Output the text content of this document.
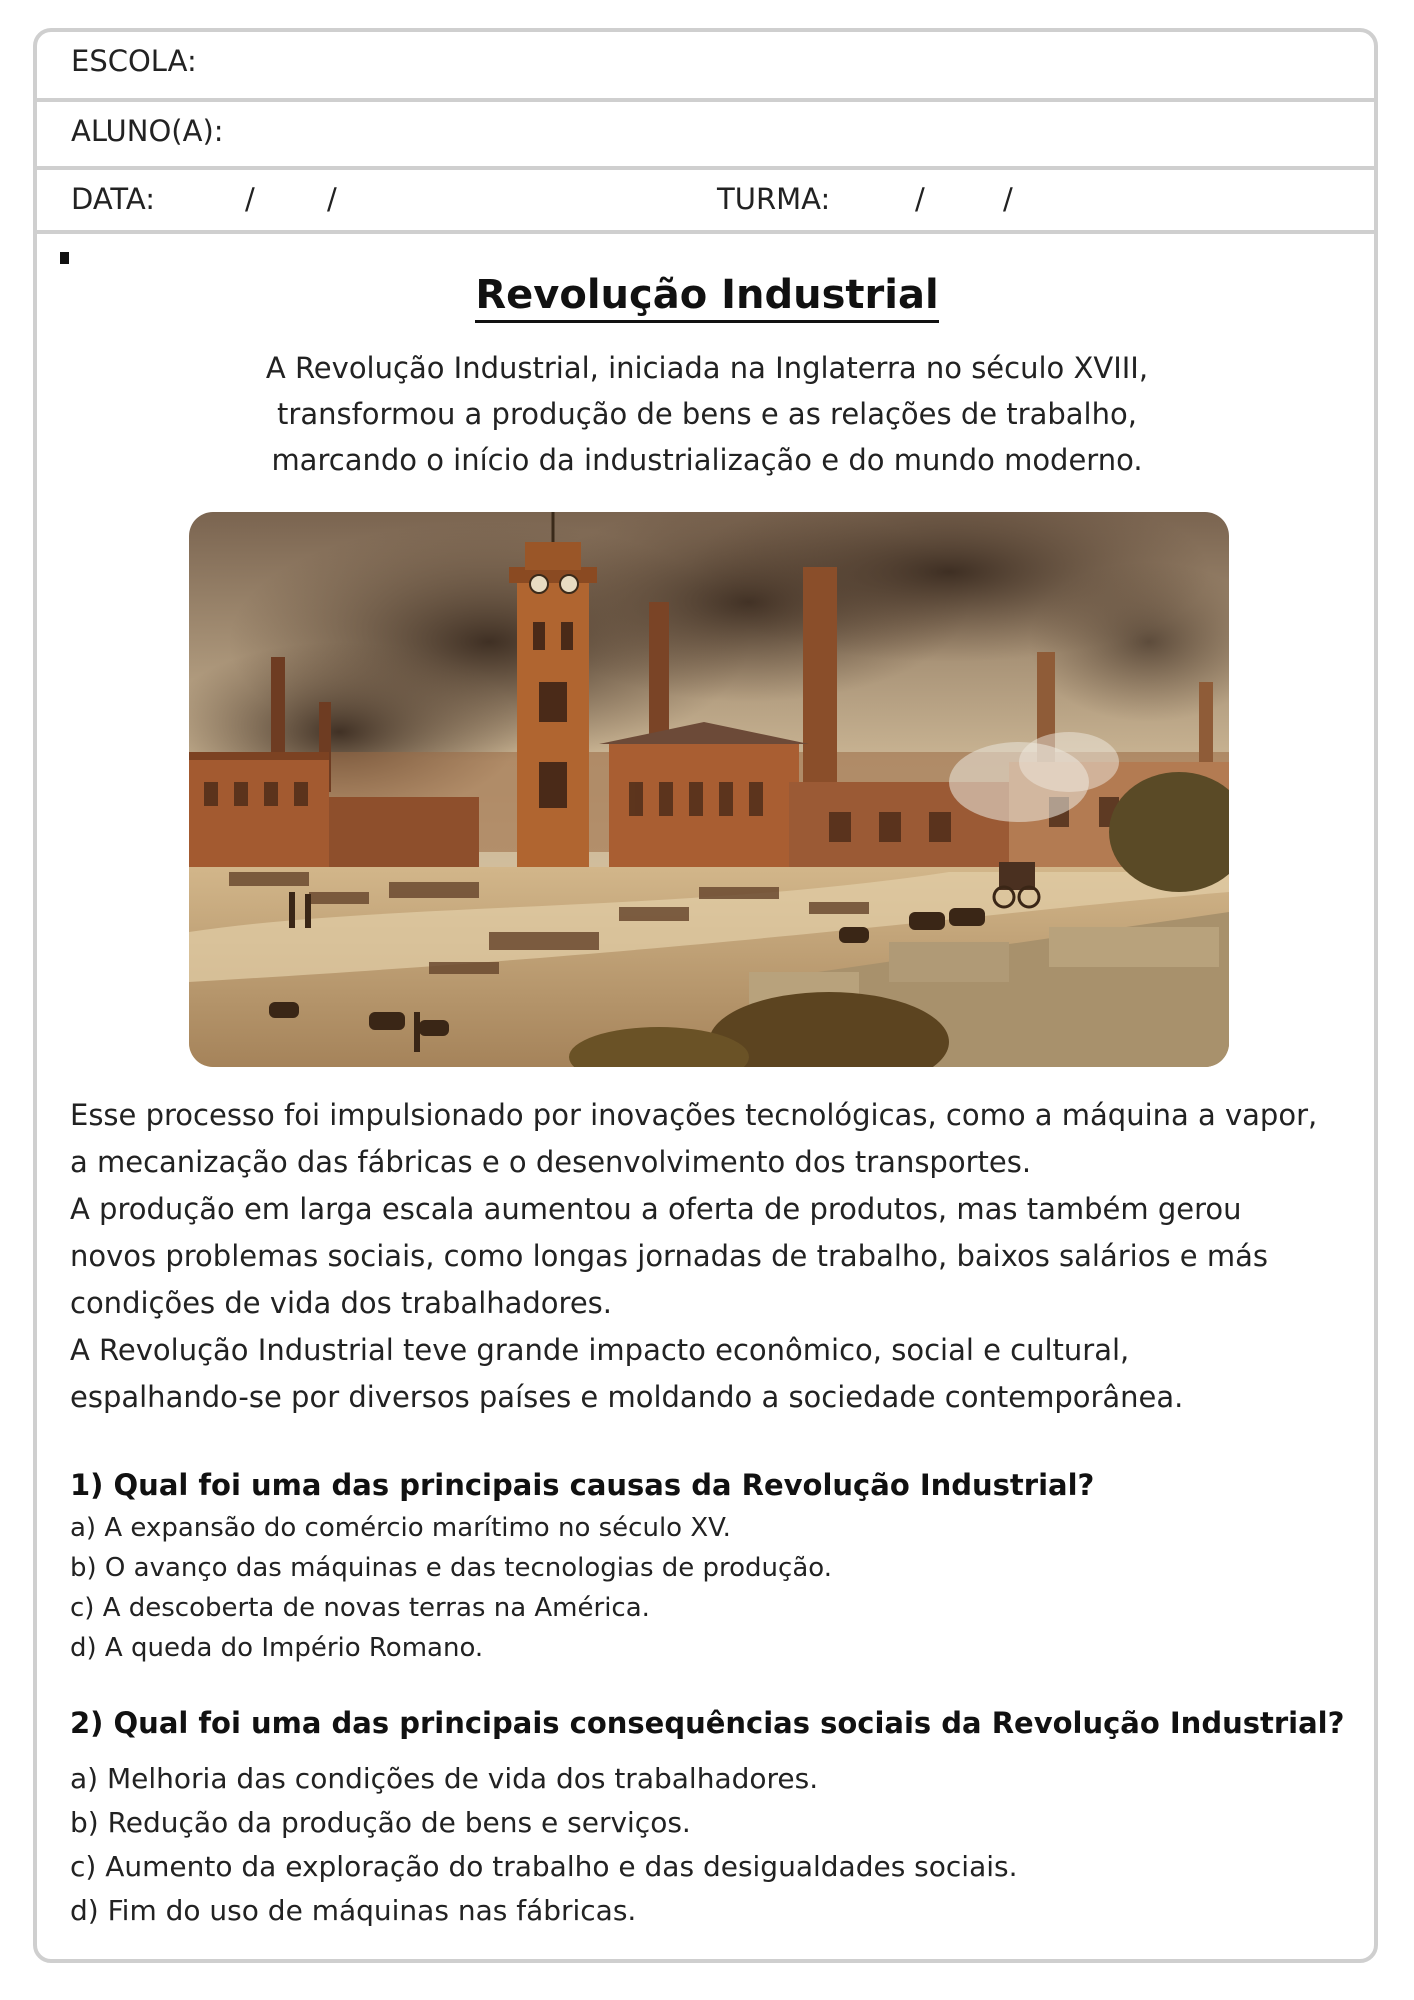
ESCOLA:
ALUNO(A):
DATA:	/ /	TURMA:	/	/
Revolução Industrial
A Revolução Industrial, iniciada na Inglaterra no século XVIII,
transformou a produção de bens e as relações de trabalho,
marcando o início da industrialização e do mundo moderno.
Esse processo foi impulsionado por inovações tecnológicas, como a máquina a vapor,
a mecanização das fábricas e o desenvolvimento dos transportes.
A produção em larga escala aumentou a oferta de produtos, mas também gerou
novos problemas sociais, como longas jornadas de trabalho, baixos salários e más
condições de vida dos trabalhadores.
A Revolução Industrial teve grande impacto econômico, social e cultural,
espalhando-se por diversos países e moldando a sociedade contemporânea.
1) Qual foi uma das principais causas da Revolução Industrial?
a) A expansão do comércio marítimo no século XV.
b) O avanço das máquinas e das tecnologias de produção.
c) A descoberta de novas terras na América.
d) A queda do Império Romano.
2) Qual foi uma das principais consequências sociais da Revolução Industrial?
a) Melhoria das condições de vida dos trabalhadores.
b) Redução da produção de bens e serviços.
c) Aumento da exploração do trabalho e das desigualdades sociais.
d) Fim do uso de máquinas nas fábricas.
